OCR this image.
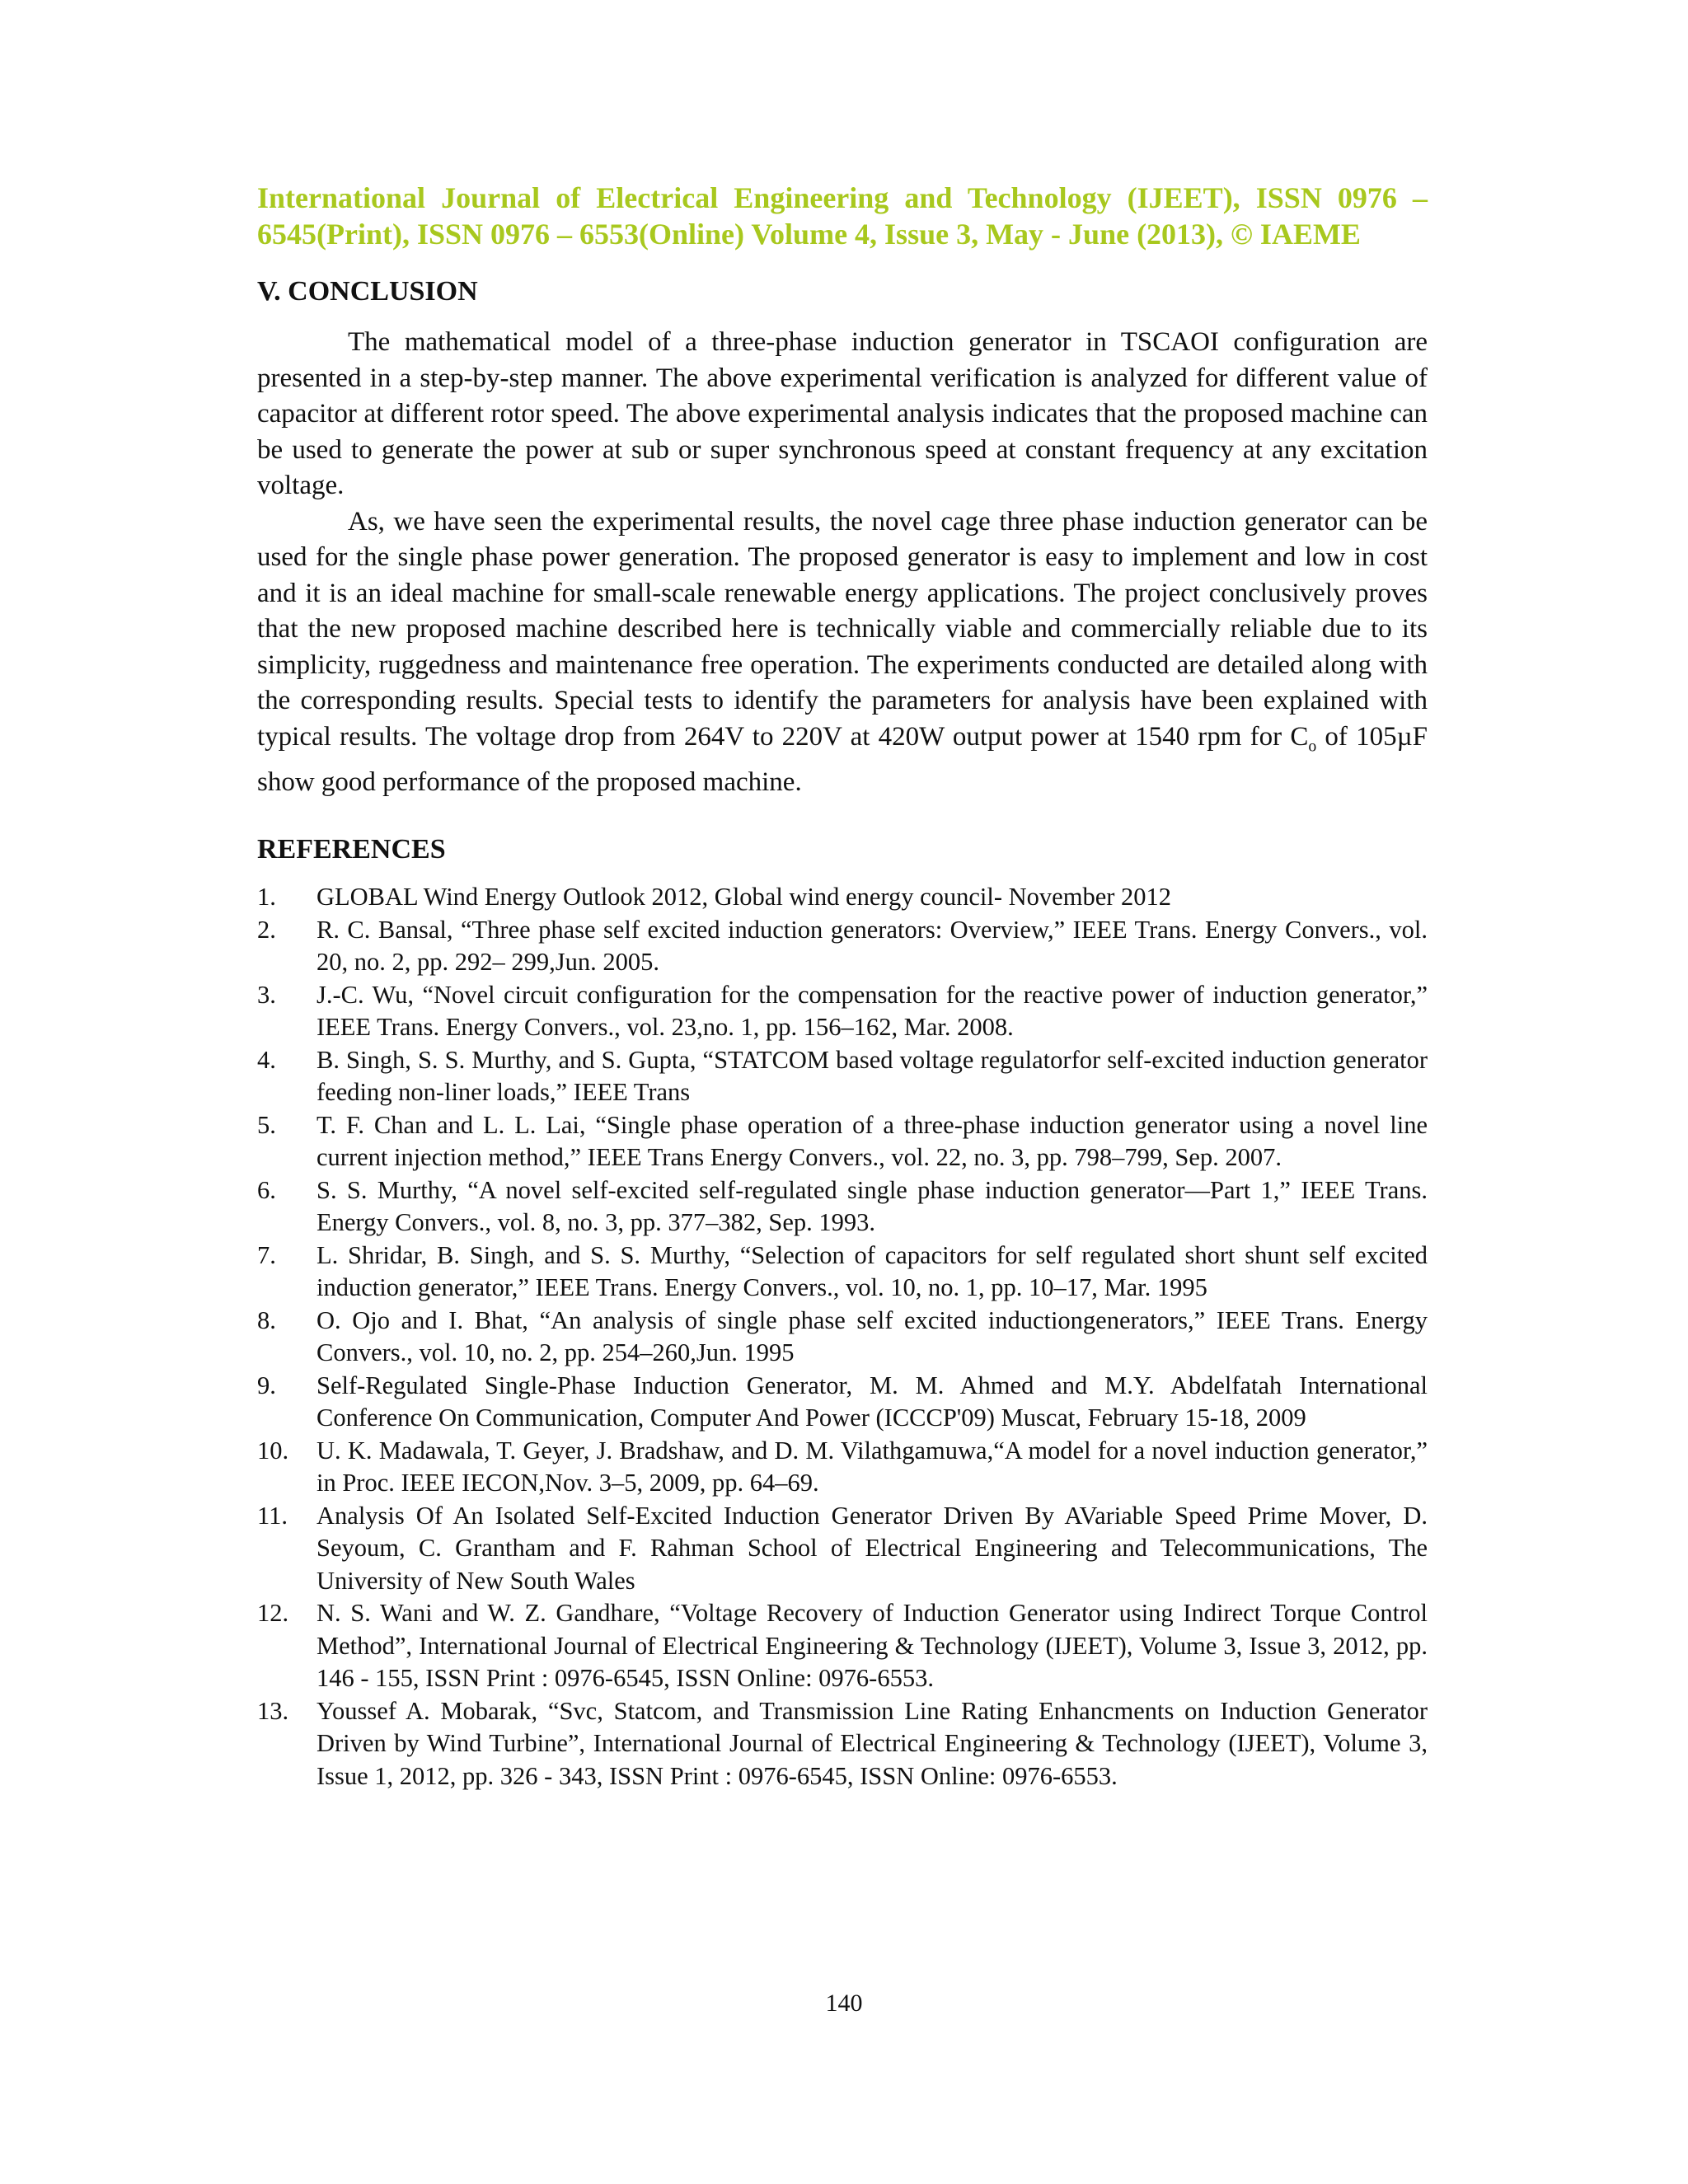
International Journal of Electrical Engineering and Technology (IJEET), ISSN 0976 – 6545(Print), ISSN 0976 – 6553(Online) Volume 4, Issue 3, May - June (2013), © IAEME

V. CONCLUSION

The mathematical model of a three-phase induction generator in TSCAOI configuration are presented in a step-by-step manner. The above experimental verification is analyzed for different value of capacitor at different rotor speed. The above experimental analysis indicates that the proposed machine can be used to generate the power at sub or super synchronous speed at constant frequency at any excitation voltage.

As, we have seen the experimental results, the novel cage three phase induction generator can be used for the single phase power generation. The proposed generator is easy to implement and low in cost and it is an ideal machine for small-scale renewable energy applications. The project conclusively proves that the new proposed machine described here is technically viable and commercially reliable due to its simplicity, ruggedness and maintenance free operation. The experiments conducted are detailed along with the corresponding results. Special tests to identify the parameters for analysis have been explained with typical results. The voltage drop from 264V to 220V at 420W output power at 1540 rpm for $C_o$ of 105µF show good performance of the proposed machine.

REFERENCES
1.	GLOBAL Wind Energy Outlook 2012, Global wind energy council- November 2012
2.	R. C. Bansal, “Three phase self excited induction generators: Overview,” IEEE Trans. Energy Convers., vol. 20, no. 2, pp. 292– 299,Jun. 2005.
3.	J.-C. Wu, “Novel circuit configuration for the compensation for the reactive power of induction generator,” IEEE Trans. Energy Convers., vol. 23,no. 1, pp. 156–162, Mar. 2008.
4.	B. Singh, S. S. Murthy, and S. Gupta, “STATCOM based voltage regulatorfor self-excited induction generator feeding non-liner loads,” IEEE Trans
5.	T. F. Chan and L. L. Lai, “Single phase operation of a three-phase induction generator using a novel line current injection method,” IEEE Trans Energy Convers., vol. 22, no. 3, pp. 798–799, Sep. 2007.
6.	S. S. Murthy, “A novel self-excited self-regulated single phase induction generator—Part 1,” IEEE Trans. Energy Convers., vol. 8, no. 3, pp. 377–382, Sep. 1993.
7.	L. Shridar, B. Singh, and S. S. Murthy, “Selection of capacitors for self regulated short shunt self excited induction generator,” IEEE Trans. Energy Convers., vol. 10, no. 1, pp. 10–17, Mar. 1995
8.	O. Ojo and I. Bhat, “An analysis of single phase self excited inductiongenerators,” IEEE Trans. Energy Convers., vol. 10, no. 2, pp. 254–260,Jun. 1995
9.	Self-Regulated Single-Phase Induction Generator, M. M. Ahmed and M.Y. Abdelfatah International Conference On Communication, Computer And Power (ICCCP'09) Muscat, February 15-18, 2009
10.	U. K. Madawala, T. Geyer, J. Bradshaw, and D. M. Vilathgamuwa,“A model for a novel induction generator,” in Proc. IEEE IECON,Nov. 3–5, 2009, pp. 64–69.
11.	Analysis Of An Isolated Self-Excited Induction Generator Driven By AVariable Speed Prime Mover, D. Seyoum, C. Grantham and F. Rahman School of Electrical Engineering and Telecommunications, The University of New South Wales
12.	N. S. Wani and W. Z. Gandhare, “Voltage Recovery of Induction Generator using Indirect Torque Control Method”, International Journal of Electrical Engineering & Technology (IJEET), Volume 3, Issue 3, 2012, pp. 146 - 155, ISSN Print : 0976-6545, ISSN Online: 0976-6553.
13.	Youssef A. Mobarak, “Svc, Statcom, and Transmission Line Rating Enhancments on Induction Generator Driven by Wind Turbine”, International Journal of Electrical Engineering & Technology (IJEET), Volume 3, Issue 1, 2012, pp. 326 - 343, ISSN Print : 0976-6545, ISSN Online: 0976-6553.
140
